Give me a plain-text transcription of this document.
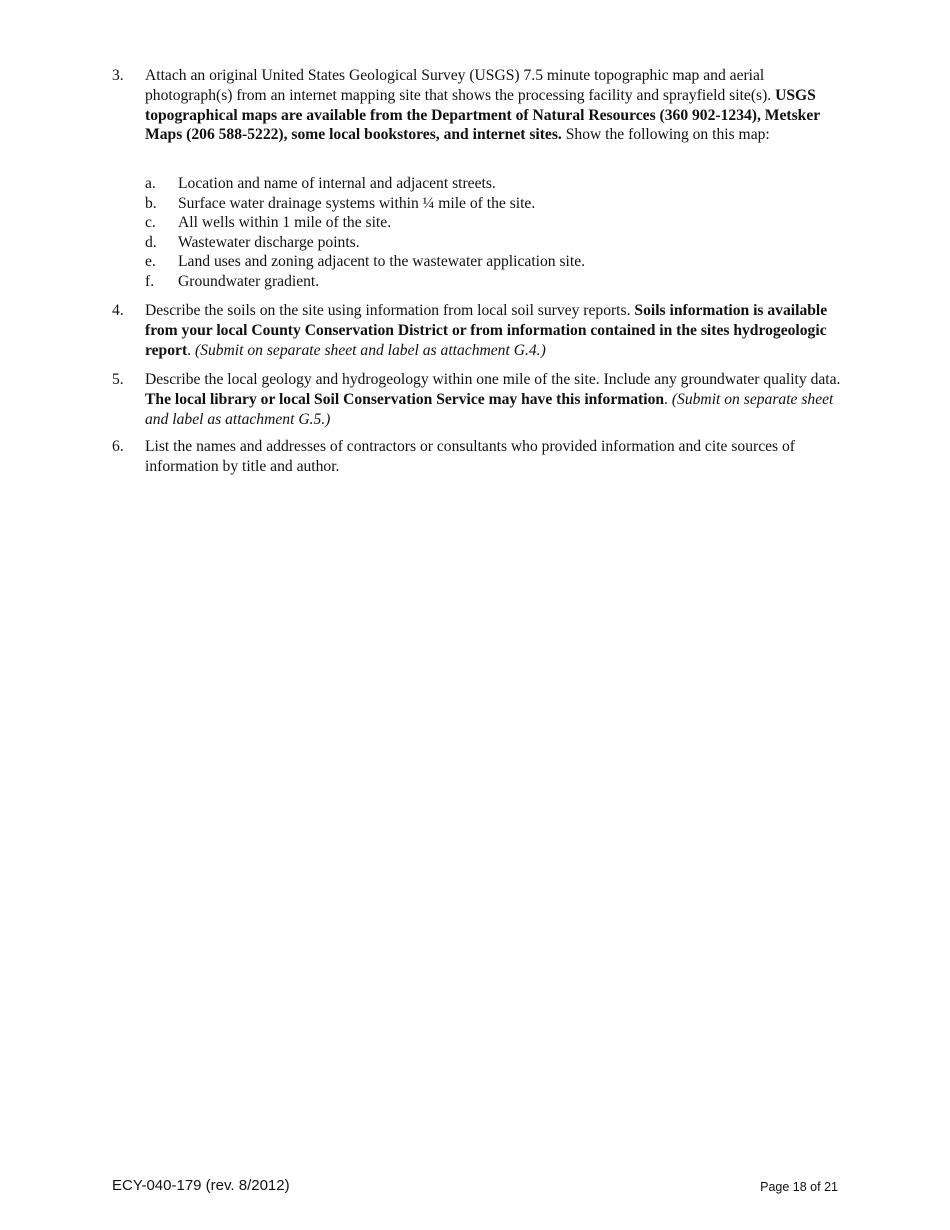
3. Attach an original United States Geological Survey (USGS) 7.5 minute topographic map and aerial photograph(s) from an internet mapping site that shows the processing facility and sprayfield site(s). USGS topographical maps are available from the Department of Natural Resources (360 902-1234), Metsker Maps (206 588-5222), some local bookstores, and internet sites. Show the following on this map:
a. Location and name of internal and adjacent streets.
b. Surface water drainage systems within ¼ mile of the site.
c. All wells within 1 mile of the site.
d. Wastewater discharge points.
e. Land uses and zoning adjacent to the wastewater application site.
f. Groundwater gradient.
4. Describe the soils on the site using information from local soil survey reports. Soils information is available from your local County Conservation District or from information contained in the sites hydrogeologic report. (Submit on separate sheet and label as attachment G.4.)
5. Describe the local geology and hydrogeology within one mile of the site. Include any groundwater quality data. The local library or local Soil Conservation Service may have this information. (Submit on separate sheet and label as attachment G.5.)
6. List the names and addresses of contractors or consultants who provided information and cite sources of information by title and author.
ECY-040-179 (rev. 8/2012)	Page 18 of 21
